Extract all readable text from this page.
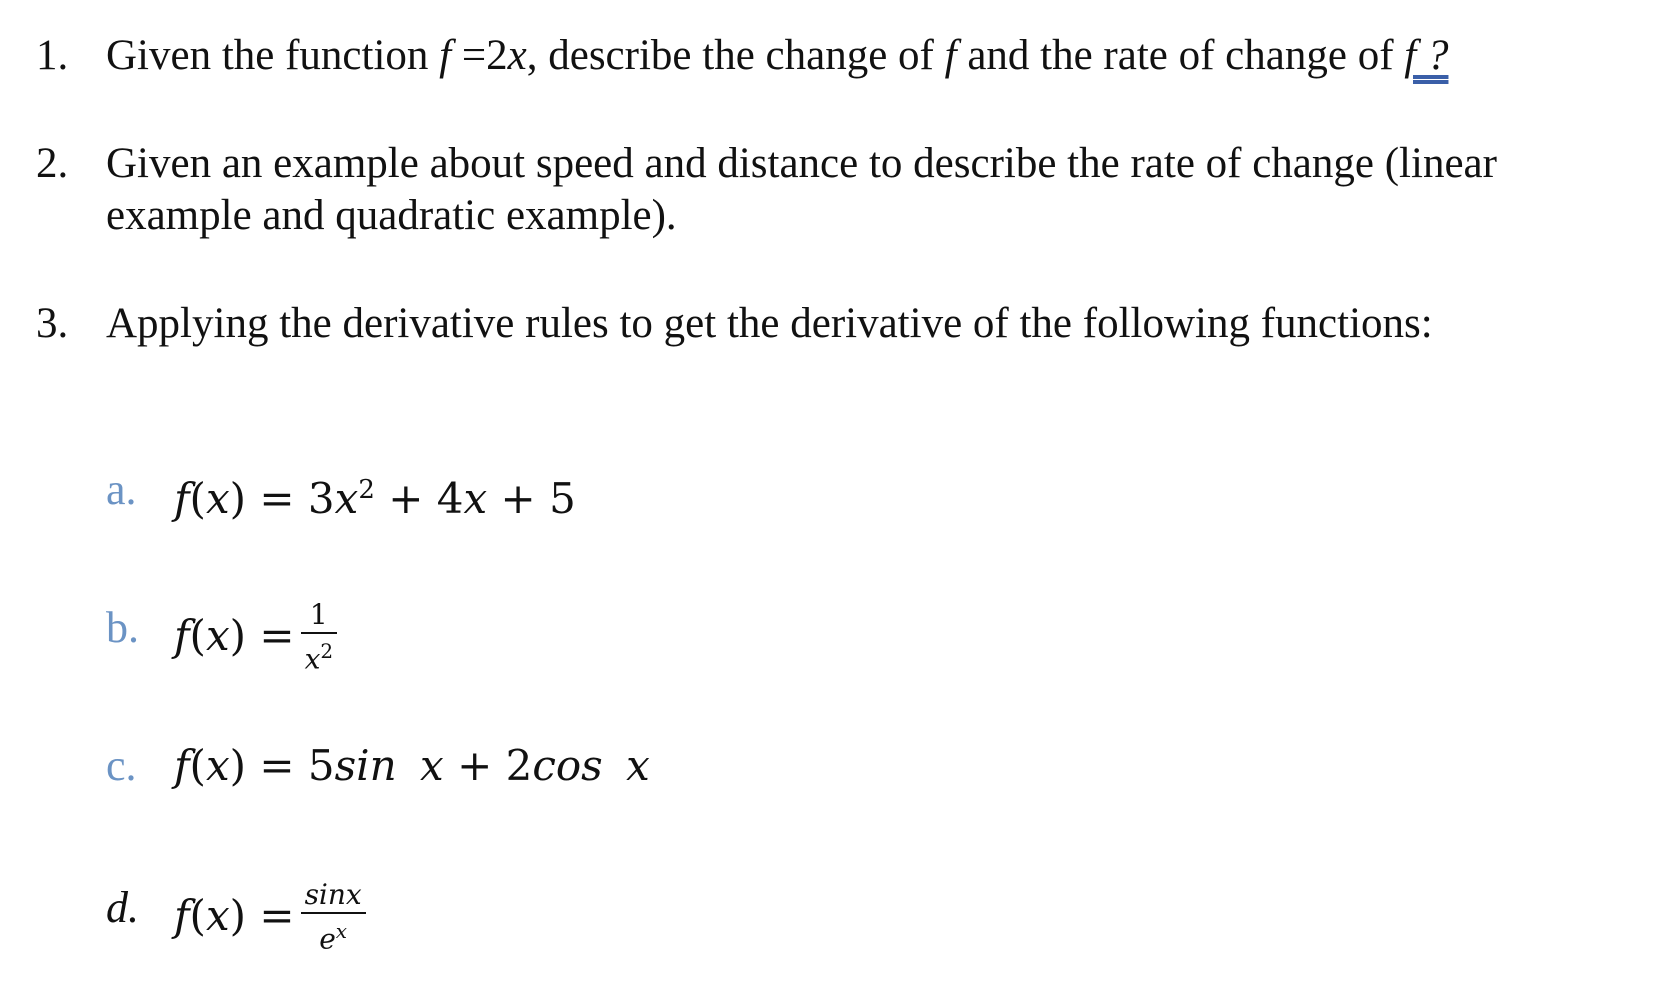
1. Given the function f =2x, describe the change of f and the rate of change of f ?
2. Given an example about speed and distance to describe the rate of change (linear
example and quadratic example).
3. Applying the derivative rules to get the derivative of the following functions:
a. $f(x) = 3x^2 + 4x + 5$
b. $f(x) = \frac{1}{x^2}$
c. f(x) = 5sin x + 2cos x
d. $f(x) = \frac{\sin x}{e^x}$
